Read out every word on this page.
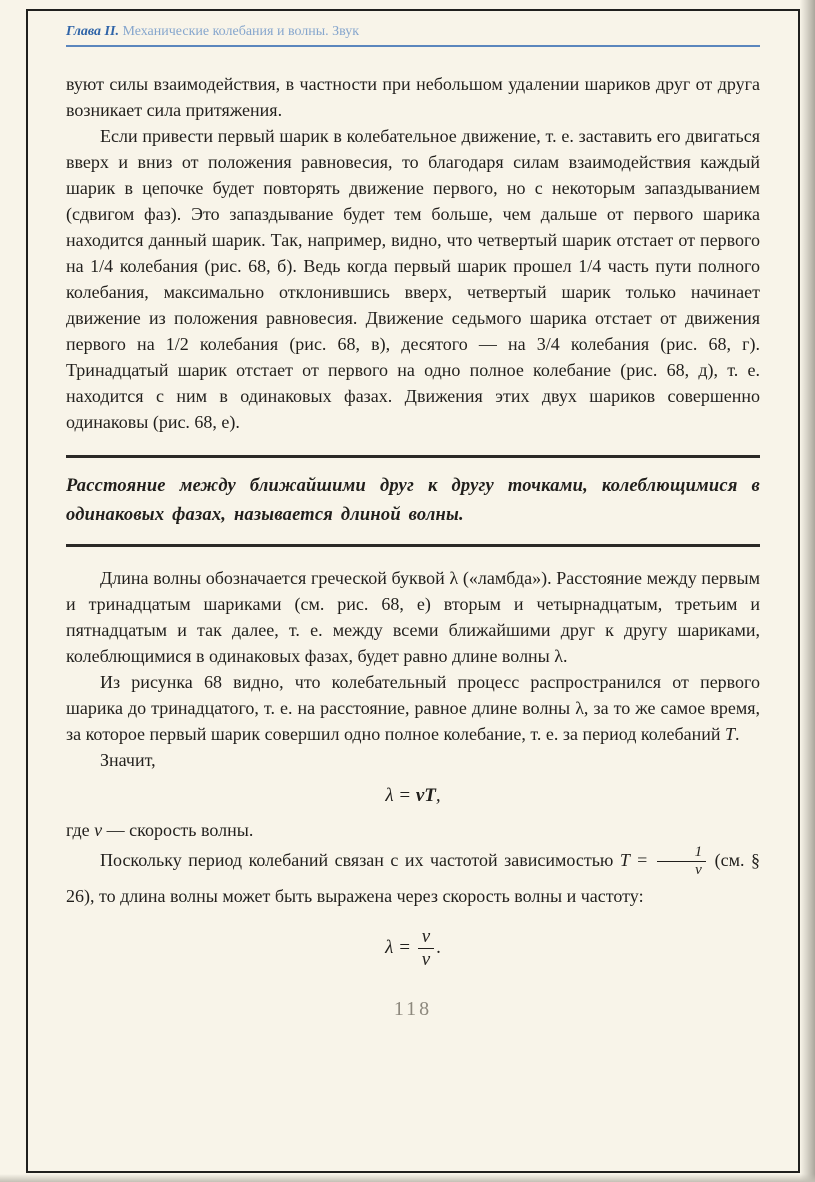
Глава II. Механические колебания и волны. Звук

вуют силы взаимодействия, в частности при небольшом удалении шариков друг от друга возникает сила притяжения.

Если привести первый шарик в колебательное движение, т. е. заставить его двигаться вверх и вниз от положения равновесия, то благодаря силам взаимодействия каждый шарик в цепочке будет повторять движение первого, но с некоторым запаздыванием (сдвигом фаз). Это запаздывание будет тем больше, чем дальше от первого шарика находится данный шарик. Так, например, видно, что четвертый шарик отстает от первого на 1/4 колебания (рис. 68, б). Ведь когда первый шарик прошел 1/4 часть пути полного колебания, максимально отклонившись вверх, четвертый шарик только начинает движение из положения равновесия. Движение седьмого шарика отстает от движения первого на 1/2 колебания (рис. 68, в), десятого — на 3/4 колебания (рис. 68, г). Тринадцатый шарик отстает от первого на одно полное колебание (рис. 68, д), т. е. находится с ним в одинаковых фазах. Движения этих двух шариков совершенно одинаковы (рис. 68, е).

Расстояние между ближайшими друг к другу точками, колеблющимися в одинаковых фазах, называется длиной волны.

Длина волны обозначается греческой буквой λ («ламбда»). Расстояние между первым и тринадцатым шариками (см. рис. 68, е) вторым и четырнадцатым, третьим и пятнадцатым и так далее, т. е. между всеми ближайшими друг к другу шариками, колеблющимися в одинаковых фазах, будет равно длине волны λ.

Из рисунка 68 видно, что колебательный процесс распространился от первого шарика до тринадцатого, т. е. на расстояние, равное длине волны λ, за то же самое время, за которое первый шарик совершил одно полное колебание, т. е. за период колебаний T.

Значит,

λ = vT,

где v — скорость волны.

Поскольку период колебаний связан с их частотой зависимостью $T = \frac{1}{\nu} (см$. § 26), то длина волны может быть выражена через скорость волны и частоту:

$\lambda = \frac{v}{\nu}$ .
118
